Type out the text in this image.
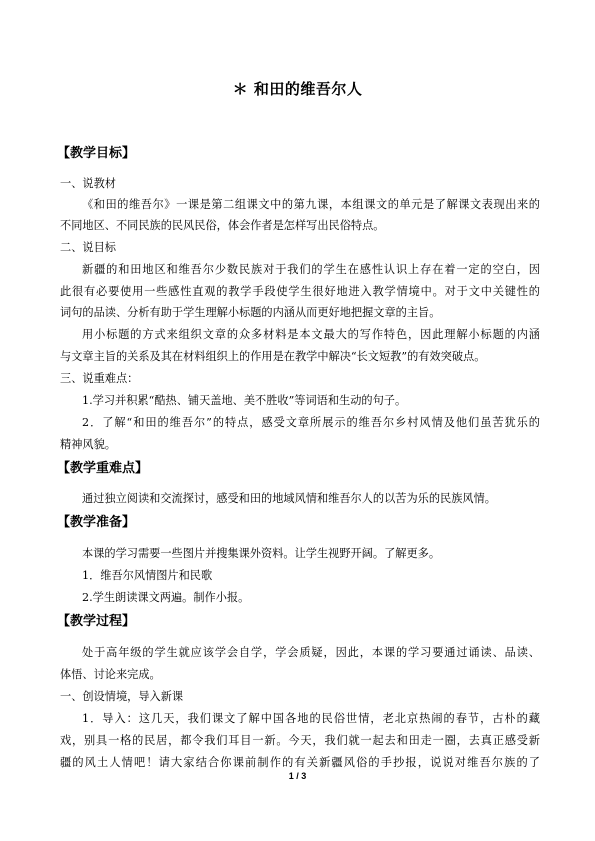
＊ 和田的维吾尔人
【教学目标】
一、说教材
《和田的维吾尔》一课是第二组课文中的第九课，本组课文的单元是了解课文表现出来的
不同地区、不同民族的民风民俗，体会作者是怎样写出民俗特点。
二、说目标
新疆的和田地区和维吾尔少数民族对于我们的学生在感性认识上存在着一定的空白，因
此很有必要使用一些感性直观的教学手段使学生很好地进入教学情境中。对于文中关键性的
词句的品读、分析有助于学生理解小标题的内涵从而更好地把握文章的主旨。
用小标题的方式来组织文章的众多材料是本文最大的写作特色，因此理解小标题的内涵
与文章主旨的关系及其在材料组织上的作用是在教学中解决“长文短教”的有效突破点。
三、说重难点：
1.学习并积累“酷热、铺天盖地、美不胜收”等词语和生动的句子。
2．了解“和田的维吾尔”的特点，感受文章所展示的维吾尔乡村风情及他们虽苦犹乐的
精神风貌。
【教学重难点】
通过独立阅读和交流探讨，感受和田的地域风情和维吾尔人的以苦为乐的民族风情。
【教学准备】
本课的学习需要一些图片并搜集课外资料。让学生视野开阔。了解更多。
1．维吾尔风情图片和民歌
2.学生朗读课文两遍。制作小报。
【教学过程】
处于高年级的学生就应该学会自学，学会质疑，因此，本课的学习要通过诵读、品读、
体悟、讨论来完成。
一、创设情境，导入新课
1．导入：这几天，我们课文了解中国各地的民俗世情，老北京热闹的春节，古朴的藏
戏，别具一格的民居，都令我们耳目一新。今天，我们就一起去和田走一圈，去真正感受新
疆的风土人情吧！请大家结合你课前制作的有关新疆风俗的手抄报，说说对维吾尔族的了
1 / 3
